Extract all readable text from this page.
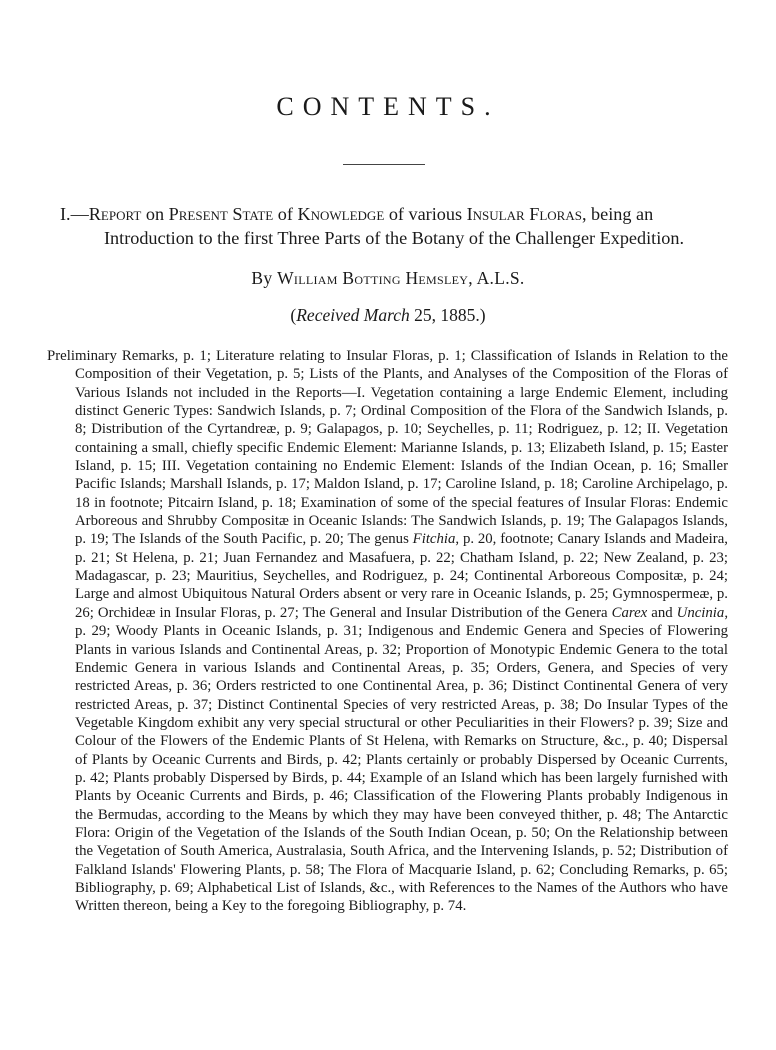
CONTENTS.
I.—Report on Present State of Knowledge of various Insular Floras, being an
Introduction to the first Three Parts of the Botany of the Challenger Expedition.
By William Botting Hemsley, A.L.S.
(Received March 25, 1885.)

Preliminary Remarks, p. 1; Literature relating to Insular Floras, p. 1; Classification of Islands in Relation to the Composition of their Vegetation, p. 5; Lists of the Plants, and Analyses of the Composition of the Floras of Various Islands not included in the Reports—I. Vegetation containing a large Endemic Element, including distinct Generic Types: Sandwich Islands, p. 7; Ordinal Composition of the Flora of the Sandwich Islands, p. 8; Distribution of the Cyrtandreæ, p. 9; Galapagos, p. 10; Seychelles, p. 11; Rodriguez, p. 12; II. Vegetation containing a small, chiefly specific Endemic Element: Marianne Islands, p. 13; Elizabeth Island, p. 15; Easter Island, p. 15; III. Vegetation containing no Endemic Element: Islands of the Indian Ocean, p. 16; Smaller Pacific Islands; Marshall Islands, p. 17; Maldon Island, p. 17; Caroline Island, p. 18; Caroline Archipelago, p. 18 in footnote; Pitcairn Island, p. 18; Examination of some of the special features of Insular Floras: Endemic Arboreous and Shrubby Compositæ in Oceanic Islands: The Sandwich Islands, p. 19; The Galapagos Islands, p. 19; The Islands of the South Pacific, p. 20; The genus Fitchia, p. 20, footnote; Canary Islands and Madeira, p. 21; St Helena, p. 21; Juan Fernandez and Masafuera, p. 22; Chatham Island, p. 22; New Zealand, p. 23; Madagascar, p. 23; Mauritius, Seychelles, and Rodriguez, p. 24; Continental Arboreous Compositæ, p. 24; Large and almost Ubiquitous Natural Orders absent or very rare in Oceanic Islands, p. 25; Gymnospermeæ, p. 26; Orchideæ in Insular Floras, p. 27; The General and Insular Distribution of the Genera Carex and Uncinia, p. 29; Woody Plants in Oceanic Islands, p. 31; Indigenous and Endemic Genera and Species of Flowering Plants in various Islands and Continental Areas, p. 32; Proportion of Monotypic Endemic Genera to the total Endemic Genera in various Islands and Continental Areas, p. 35; Orders, Genera, and Species of very restricted Areas, p. 36; Orders restricted to one Continental Area, p. 36; Distinct Continental Genera of very restricted Areas, p. 37; Distinct Continental Species of very restricted Areas, p. 38; Do Insular Types of the Vegetable Kingdom exhibit any very special structural or other Peculiarities in their Flowers? p. 39; Size and Colour of the Flowers of the Endemic Plants of St Helena, with Remarks on Structure, &c., p. 40; Dispersal of Plants by Oceanic Currents and Birds, p. 42; Plants certainly or probably Dispersed by Oceanic Currents, p. 42; Plants probably Dispersed by Birds, p. 44; Example of an Island which has been largely furnished with Plants by Oceanic Currents and Birds, p. 46; Classification of the Flowering Plants probably Indigenous in the Bermudas, according to the Means by which they may have been conveyed thither, p. 48; The Antarctic Flora: Origin of the Vegetation of the Islands of the South Indian Ocean, p. 50; On the Relationship between the Vegetation of South America, Australasia, South Africa, and the Intervening Islands, p. 52; Distribution of Falkland Islands' Flowering Plants, p. 58; The Flora of Macquarie Island, p. 62; Concluding Remarks, p. 65; Bibliography, p. 69; Alphabetical List of Islands, &c., with References to the Names of the Authors who have Written thereon, being a Key to the foregoing Bibliography, p. 74.
